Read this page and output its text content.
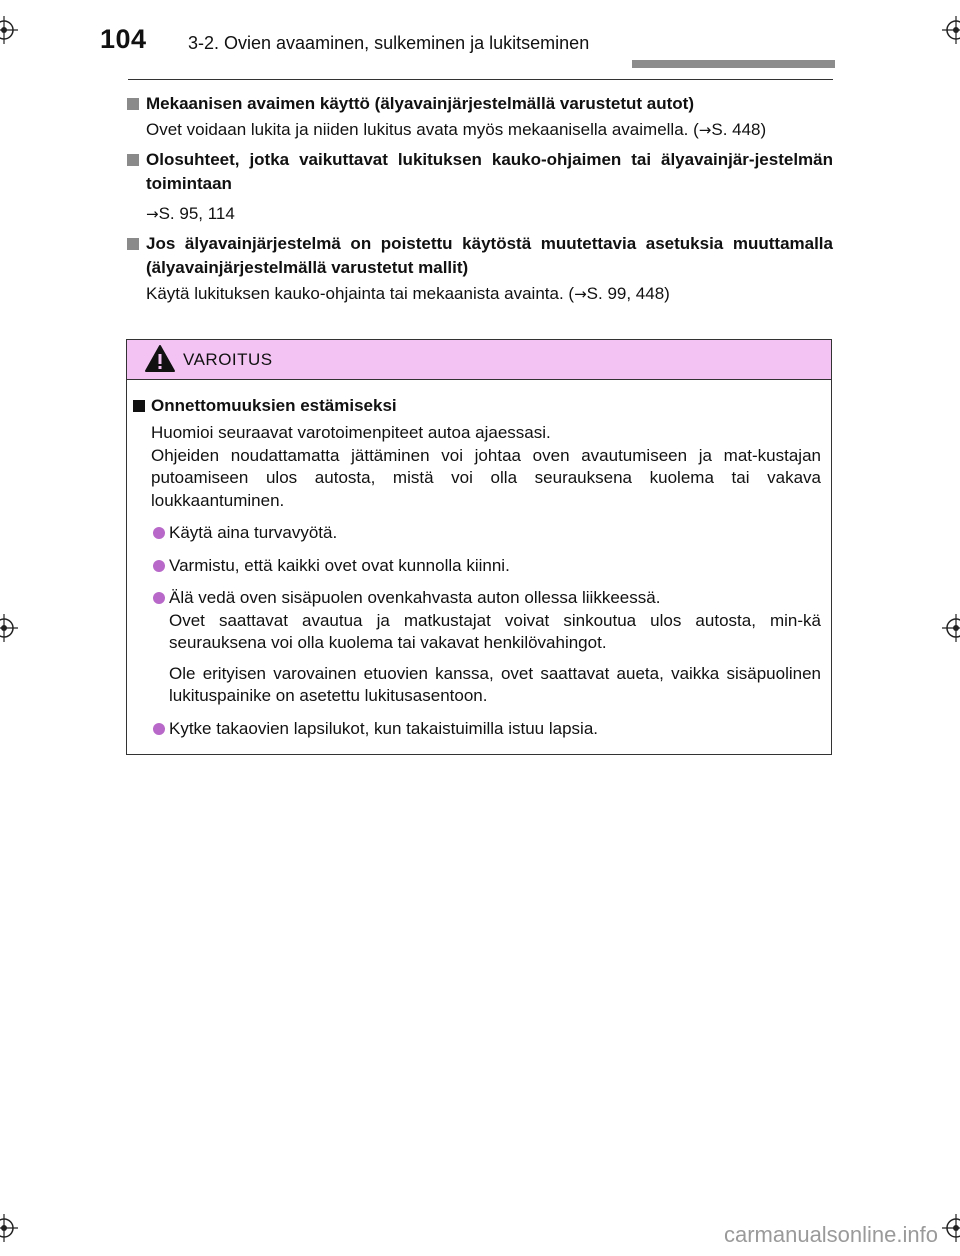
104 3-2. Ovien avaaminen, sulkeminen ja lukitseminen
Mekaanisen avaimen käyttö (älyavainjärjestelmällä varustetut autot)
Ovet voidaan lukita ja niiden lukitus avata myös mekaanisella avaimella. (→S. 448)
Olosuhteet, jotka vaikuttavat lukituksen kauko-ohjaimen tai älyavainjär-jestelmän toimintaan
→S. 95, 114
Jos älyavainjärjestelmä on poistettu käytöstä muutettavia asetuksia muuttamalla (älyavainjärjestelmällä varustetut mallit)
Käytä lukituksen kauko-ohjainta tai mekaanista avainta. (→S. 99, 448)
VAROITUS
Onnettomuuksien estämiseksi
Huomioi seuraavat varotoimenpiteet autoa ajaessasi.
Ohjeiden noudattamatta jättäminen voi johtaa oven avautumiseen ja mat-kustajan putoamiseen ulos autosta, mistä voi olla seurauksena kuolema tai vakava loukkaantuminen.
Käytä aina turvavyötä.
Varmistu, että kaikki ovet ovat kunnolla kiinni.
Älä vedä oven sisäpuolen ovenkahvasta auton ollessa liikkeessä.
Ovet saattavat avautua ja matkustajat voivat sinkoutua ulos autosta, min-kä seurauksena voi olla kuolema tai vakavat henkilövahingot.
Ole erityisen varovainen etuovien kanssa, ovet saattavat aueta, vaikka sisäpuolinen lukituspainike on asetettu lukitusasentoon.
Kytke takaovien lapsilukot, kun takaistuimilla istuu lapsia.
carmanualsonline.info
